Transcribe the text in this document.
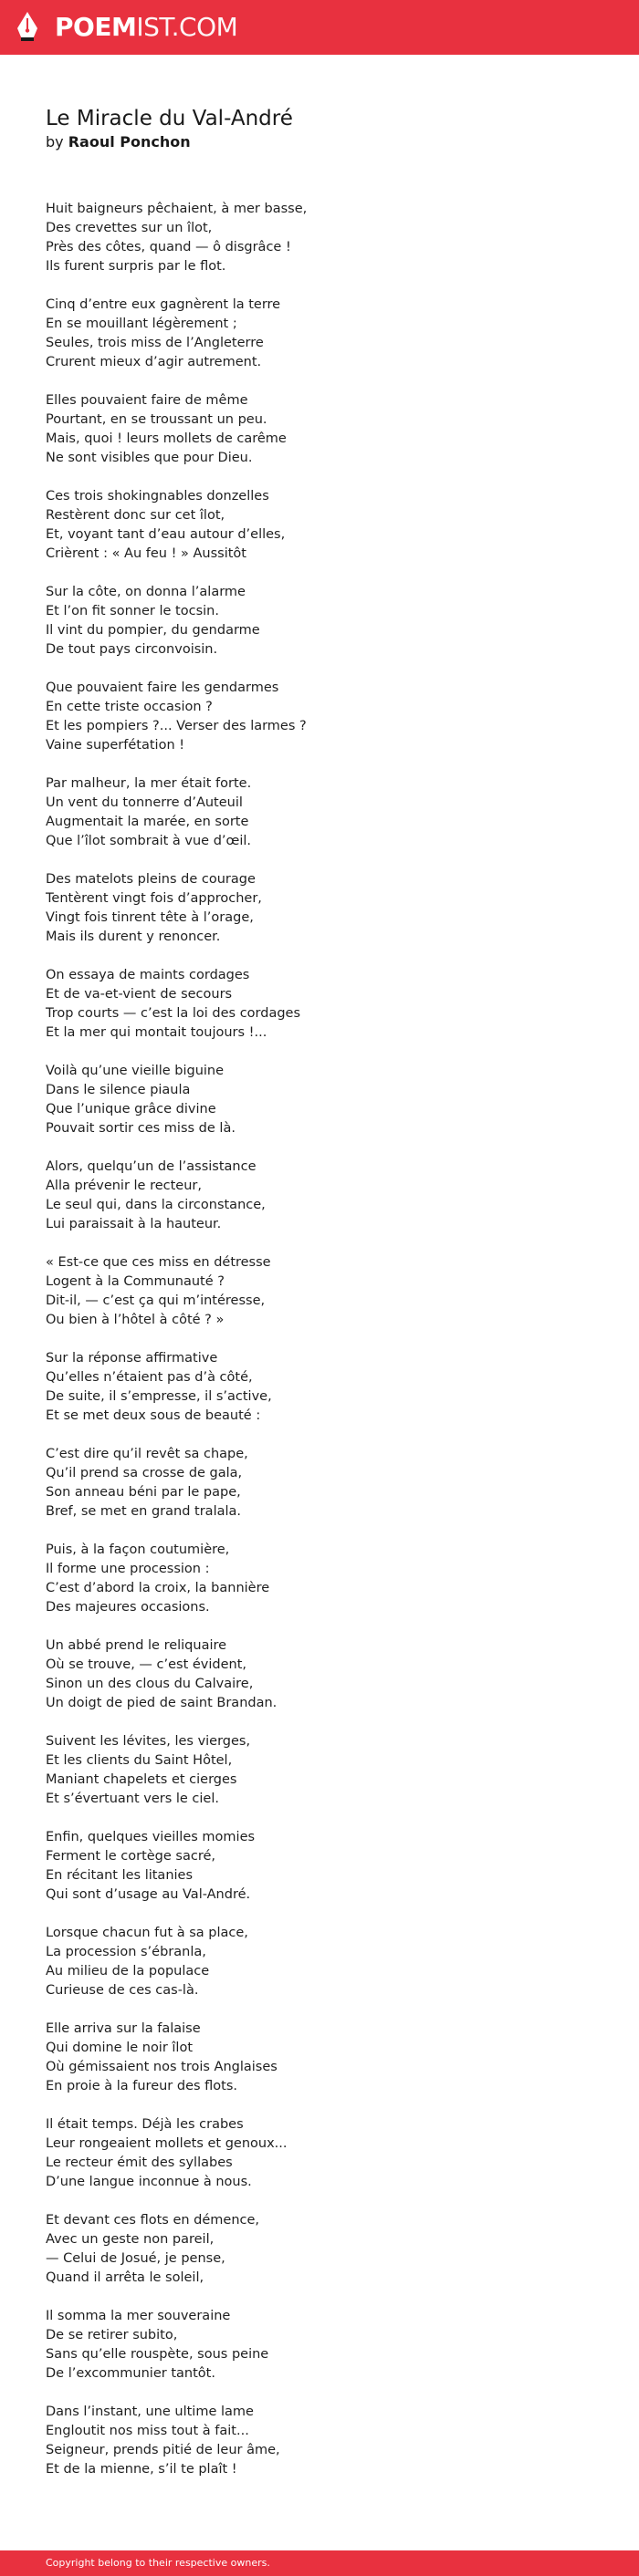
POEMIST.COM
Le Miracle du Val-André
by Raoul Ponchon
Huit baigneurs pêchaient, à mer basse,
Des crevettes sur un îlot,
Près des côtes, quand — ô disgrâce !
Ils furent surpris par le flot.
Cinq d’entre eux gagnèrent la terre
En se mouillant légèrement ;
Seules, trois miss de l’Angleterre
Crurent mieux d’agir autrement.
Elles pouvaient faire de même
Pourtant, en se troussant un peu.
Mais, quoi ! leurs mollets de carême
Ne sont visibles que pour Dieu.
Ces trois shokingnables donzelles
Restèrent donc sur cet îlot,
Et, voyant tant d’eau autour d’elles,
Crièrent : « Au feu ! » Aussitôt
Sur la côte, on donna l’alarme
Et l’on fit sonner le tocsin.
Il vint du pompier, du gendarme
De tout pays circonvoisin.
Que pouvaient faire les gendarmes
En cette triste occasion ?
Et les pompiers ?... Verser des larmes ?
Vaine superfétation !
Par malheur, la mer était forte.
Un vent du tonnerre d’Auteuil
Augmentait la marée, en sorte
Que l’îlot sombrait à vue d’œil.
Des matelots pleins de courage
Tentèrent vingt fois d’approcher,
Vingt fois tinrent tête à l’orage,
Mais ils durent y renoncer.
On essaya de maints cordages
Et de va-et-vient de secours
Trop courts — c’est la loi des cordages
Et la mer qui montait toujours !...
Voilà qu’une vieille biguine
Dans le silence piaula
Que l’unique grâce divine
Pouvait sortir ces miss de là.
Alors, quelqu’un de l’assistance
Alla prévenir le recteur,
Le seul qui, dans la circonstance,
Lui paraissait à la hauteur.
« Est-ce que ces miss en détresse
Logent à la Communauté ?
Dit-il, — c’est ça qui m’intéresse,
Ou bien à l’hôtel à côté ? »
Sur la réponse affirmative
Qu’elles n’étaient pas d’à côté,
De suite, il s’empresse, il s’active,
Et se met deux sous de beauté :
C’est dire qu’il revêt sa chape,
Qu’il prend sa crosse de gala,
Son anneau béni par le pape,
Bref, se met en grand tralala.
Puis, à la façon coutumière,
Il forme une procession :
C’est d’abord la croix, la bannière
Des majeures occasions.
Un abbé prend le reliquaire
Où se trouve, — c’est évident,
Sinon un des clous du Calvaire,
Un doigt de pied de saint Brandan.
Suivent les lévites, les vierges,
Et les clients du Saint Hôtel,
Maniant chapelets et cierges
Et s’évertuant vers le ciel.
Enfin, quelques vieilles momies
Ferment le cortège sacré,
En récitant les litanies
Qui sont d’usage au Val-André.
Lorsque chacun fut à sa place,
La procession s’ébranla,
Au milieu de la populace
Curieuse de ces cas-là.
Elle arriva sur la falaise
Qui domine le noir îlot
Où gémissaient nos trois Anglaises
En proie à la fureur des flots.
Il était temps. Déjà les crabes
Leur rongeaient mollets et genoux...
Le recteur émit des syllabes
D’une langue inconnue à nous.
Et devant ces flots en démence,
Avec un geste non pareil,
— Celui de Josué, je pense,
Quand il arrêta le soleil,
Il somma la mer souveraine
De se retirer subito,
Sans qu’elle rouspète, sous peine
De l’excommunier tantôt.
Dans l’instant, une ultime lame
Engloutit nos miss tout à fait...
Seigneur, prends pitié de leur âme,
Et de la mienne, s’il te plaît !
Copyright belong to their respective owners.
